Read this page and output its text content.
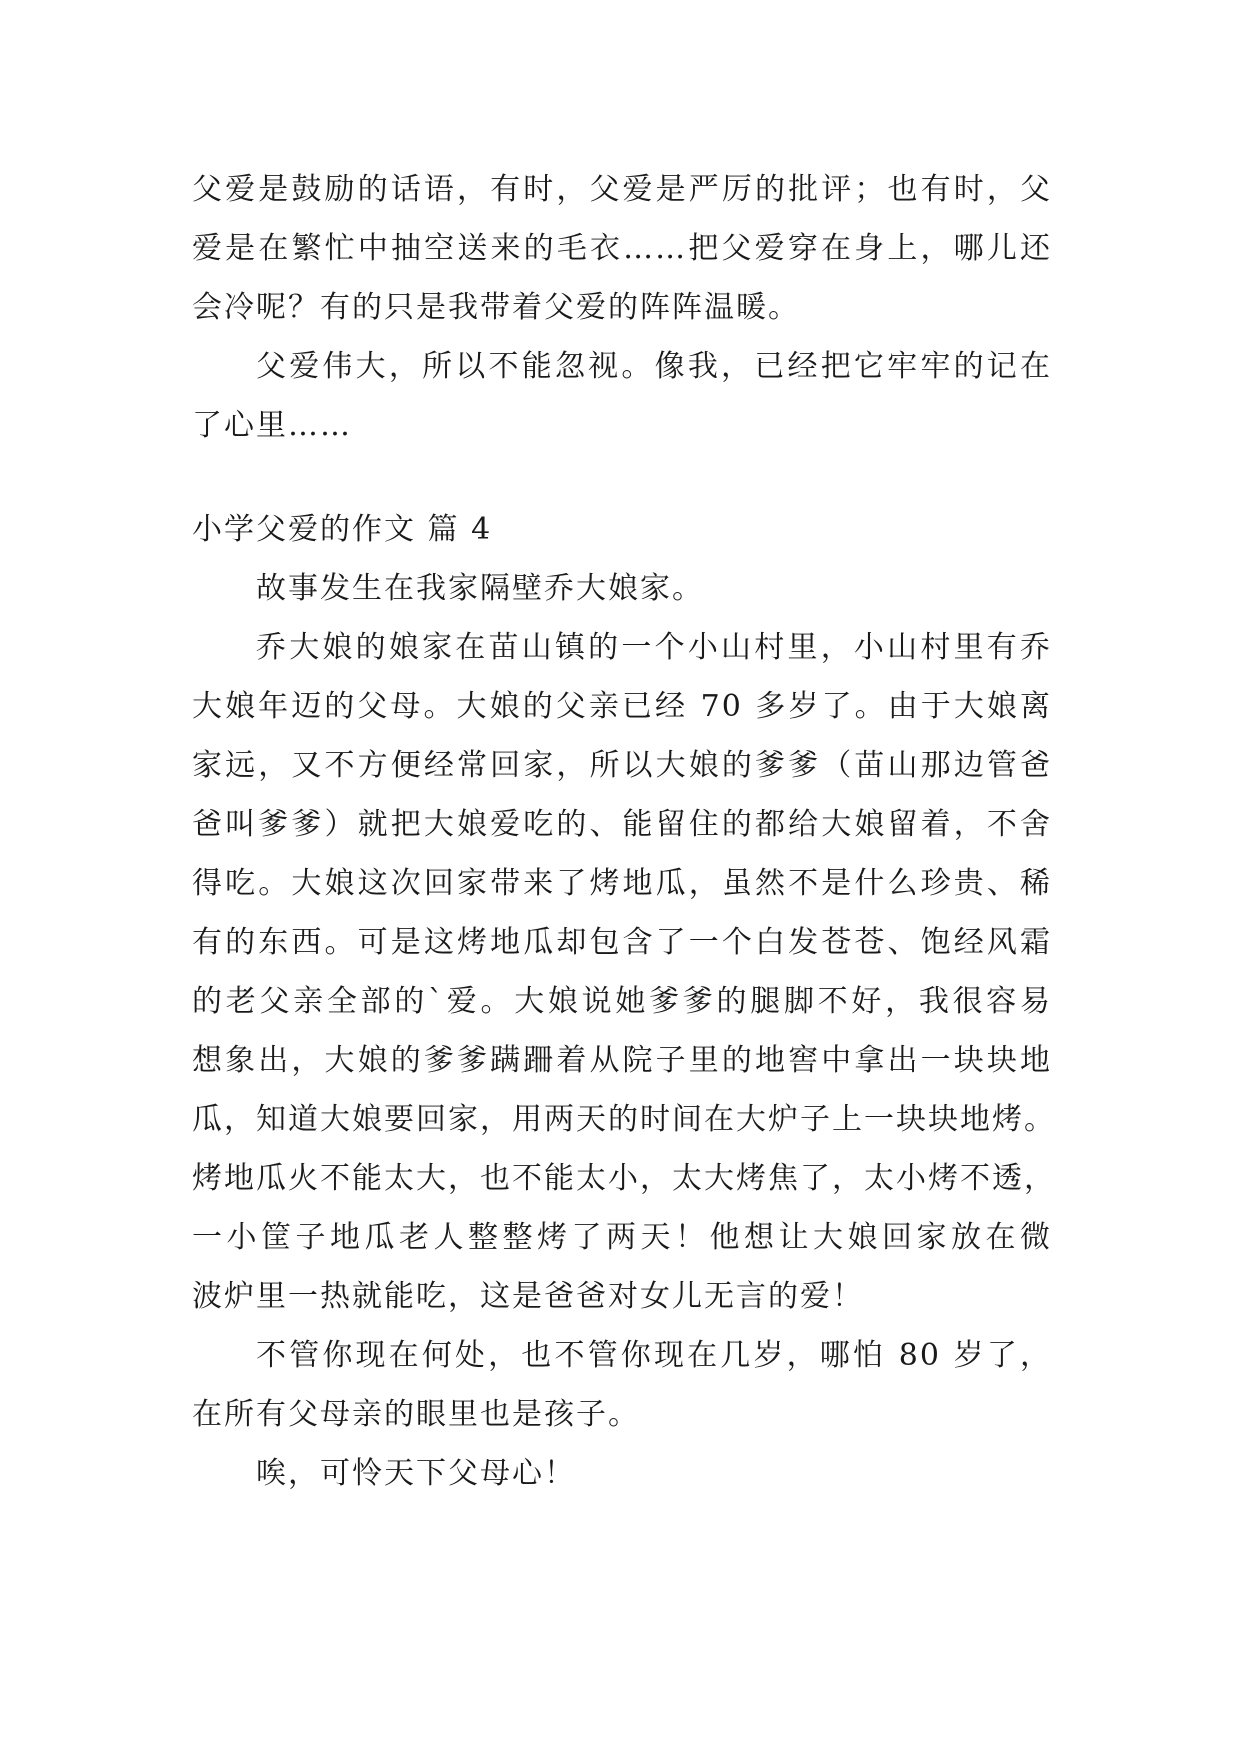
父爱是鼓励的话语，有时，父爱是严厉的批评；也有时，父
爱是在繁忙中抽空送来的毛衣……把父爱穿在身上，哪儿还
会冷呢？有的只是我带着父爱的阵阵温暖。
父爱伟大，所以不能忽视。像我，已经把它牢牢的记在
了心里……
小学父爱的作文 篇 4
故事发生在我家隔壁乔大娘家。
乔大娘的娘家在苗山镇的一个小山村里，小山村里有乔
大娘年迈的父母。大娘的父亲已经 70 多岁了。由于大娘离
家远，又不方便经常回家，所以大娘的爹爹（苗山那边管爸
爸叫爹爹）就把大娘爱吃的、能留住的都给大娘留着，不舍
得吃。大娘这次回家带来了烤地瓜，虽然不是什么珍贵、稀
有的东西。可是这烤地瓜却包含了一个白发苍苍、饱经风霜
的老父亲全部的`爱。大娘说她爹爹的腿脚不好，我很容易
想象出，大娘的爹爹蹒跚着从院子里的地窖中拿出一块块地
瓜，知道大娘要回家，用两天的时间在大炉子上一块块地烤。
烤地瓜火不能太大，也不能太小，太大烤焦了，太小烤不透，
一小筐子地瓜老人整整烤了两天！他想让大娘回家放在微
波炉里一热就能吃，这是爸爸对女儿无言的爱！
不管你现在何处，也不管你现在几岁，哪怕 80 岁了，
在所有父母亲的眼里也是孩子。
唉，可怜天下父母心！
